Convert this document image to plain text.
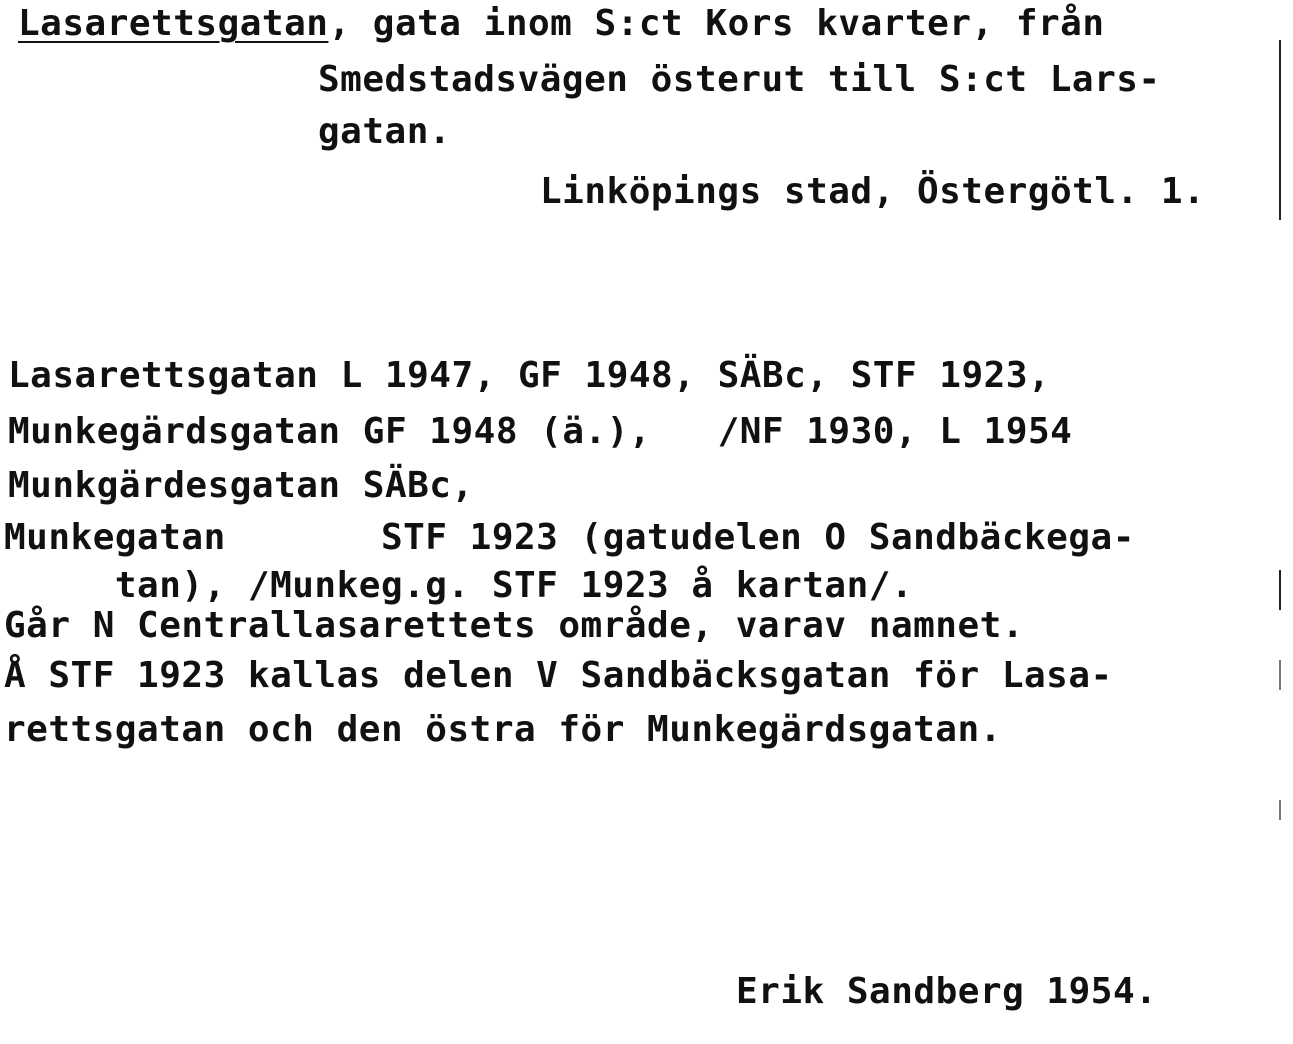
Lasarettsgatan, gata inom S:ct Kors kvarter, från
Smedstadsvägen österut till S:ct Lars-
gatan.
Linköpings stad, Östergötl. 1.
Lasarettsgatan L 1947, GF 1948, SÄBc, STF 1923,
Munkegärdsgatan GF 1948 (ä.),   /NF 1930, L 1954
Munkgärdesgatan SÄBc,
Munkegatan       STF 1923 (gatudelen O Sandbäckega-
tan), /Munkeg.g. STF 1923 å kartan/.
Går N Centrallasarettets område, varav namnet.
Å STF 1923 kallas delen V Sandbäcksgatan för Lasa-
rettsgatan och den östra för Munkegärdsgatan.
Erik Sandberg 1954.
